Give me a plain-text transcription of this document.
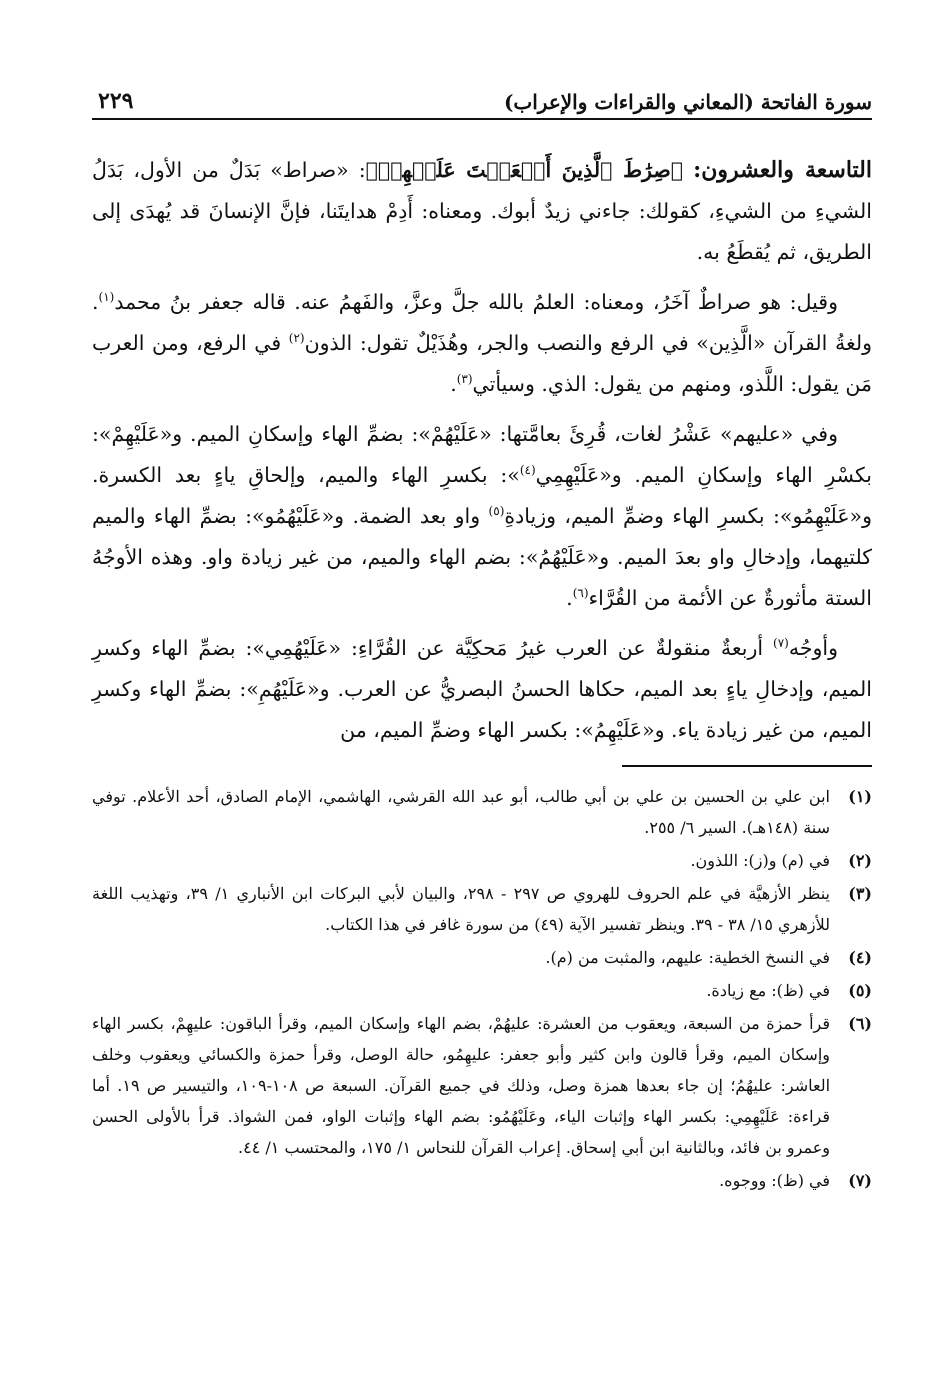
سورة الفاتحة (المعاني والقراءات والإعراب)
٢٢٩

التاسعة والعشرون: ﴿صِرَٰطَ ٱلَّذِينَ أَنۡعَمۡتَ عَلَيۡهِمۡ﴾: «صراط» بَدَلٌ من الأول، بَدَلُ الشيءِ من الشيءِ، كقولك: جاءني زيدٌ أبوك. ومعناه: أَدِمْ هدايتَنا، فإنَّ الإنسانَ قد يُهدَى إلى الطريق، ثم يُقطَعُ به.

وقيل: هو صراطٌ آخَرُ، ومعناه: العلمُ بالله جلَّ وعزَّ، والفَهمُ عنه. قاله جعفر بنُ محمد$^{(١)}$. ولغةُ القرآن «الَّذِين» في الرفع والنصب والجر، وهُذَيْلٌ تقول: الذون$^{(٢)}$ في الرفع، ومن العرب مَن يقول: اللَّذو، ومنهم من يقول: الذي. وسيأتي$^{(٣)}$.

وفي «عليهم» عَشْرُ لغات، قُرِئَ بعامَّتها: «عَلَيْهُمْ»: بضمِّ الهاء وإسكانِ الميم. و«عَلَيْهِمْ»: بكسْرِ الهاء وإسكانِ الميم. و«عَلَيْهِمِي$^{(٤)}$»: بكسرِ الهاء والميم، وإلحاقِ ياءٍ بعد الكسرة. و«عَلَيْهِمُو»: بكسرِ الهاء وضمِّ الميم، وزيادةِ$^{(٥)}$ واو بعد الضمة. و«عَلَيْهُمُو»: بضمِّ الهاء والميم كلتيهما، وإدخالِ واو بعدَ الميم. و«عَلَيْهُمُ»: بضم الهاء والميم، من غير زيادة واو. وهذه الأوجُهُ الستة مأثورةٌ عن الأئمة من القُرَّاء$^{(٦)}$.

وأوجُه$^{(٧)}$ أربعةٌ منقولةٌ عن العرب غيرُ مَحكِيَّة عن القُرَّاءِ: «عَلَيْهُمِي»: بضمِّ الهاء وكسرِ الميم، وإدخالِ ياءٍ بعد الميم، حكاها الحسنُ البصريُّ عن العرب. و«عَلَيْهُمِ»: بضمِّ الهاء وكسرِ الميم، من غير زيادة ياء. و«عَلَيْهِمُ»: بكسر الهاء وضمِّ الميم، من

(١)
ابن علي بن الحسين بن علي بن أبي طالب، أبو عبد الله القرشي، الهاشمي، الإمام الصادق، أحد الأعلام. توفي سنة (١٤٨هـ). السير ٦/ ٢٥٥.
(٢)
في (م) و(ز): اللذون.
(٣)
ينظر الأزهيَّة في علم الحروف للهروي ص ٢٩٧ - ٢٩٨، والبيان لأبي البركات ابن الأنباري ١/ ٣٩، وتهذيب اللغة للأزهري ١٥/ ٣٨ - ٣٩. وينظر تفسير الآية (٤٩) من سورة غافر في هذا الكتاب.
(٤)
في النسخ الخطية: عليهم، والمثبت من (م).
(٥)
في (ظ): مع زيادة.
(٦)
قرأ حمزة من السبعة، ويعقوب من العشرة: عليهُمْ، بضم الهاء وإسكان الميم، وقرأ الباقون: عليهِمْ، بكسر الهاء وإسكان الميم، وقرأ قالون وابن كثير وأبو جعفر: عليهِمُو، حالة الوصل، وقرأ حمزة والكسائي ويعقوب وخلف العاشر: عليهُمُ؛ إن جاء بعدها همزة وصل، وذلك في جميع القرآن. السبعة ص ١٠٨-١٠٩، والتيسير ص ١٩. أما قراءة: عَلَيْهِمِي: بكسر الهاء وإثبات الياء، وعَلَيْهُمُو: بضم الهاء وإثبات الواو، فمن الشواذ. قرأ بالأولى الحسن وعمرو بن فائد، وبالثانية ابن أبي إسحاق. إعراب القرآن للنحاس ١/ ١٧٥، والمحتسب ١/ ٤٤.
(٧)
في (ظ): ووجوه.
